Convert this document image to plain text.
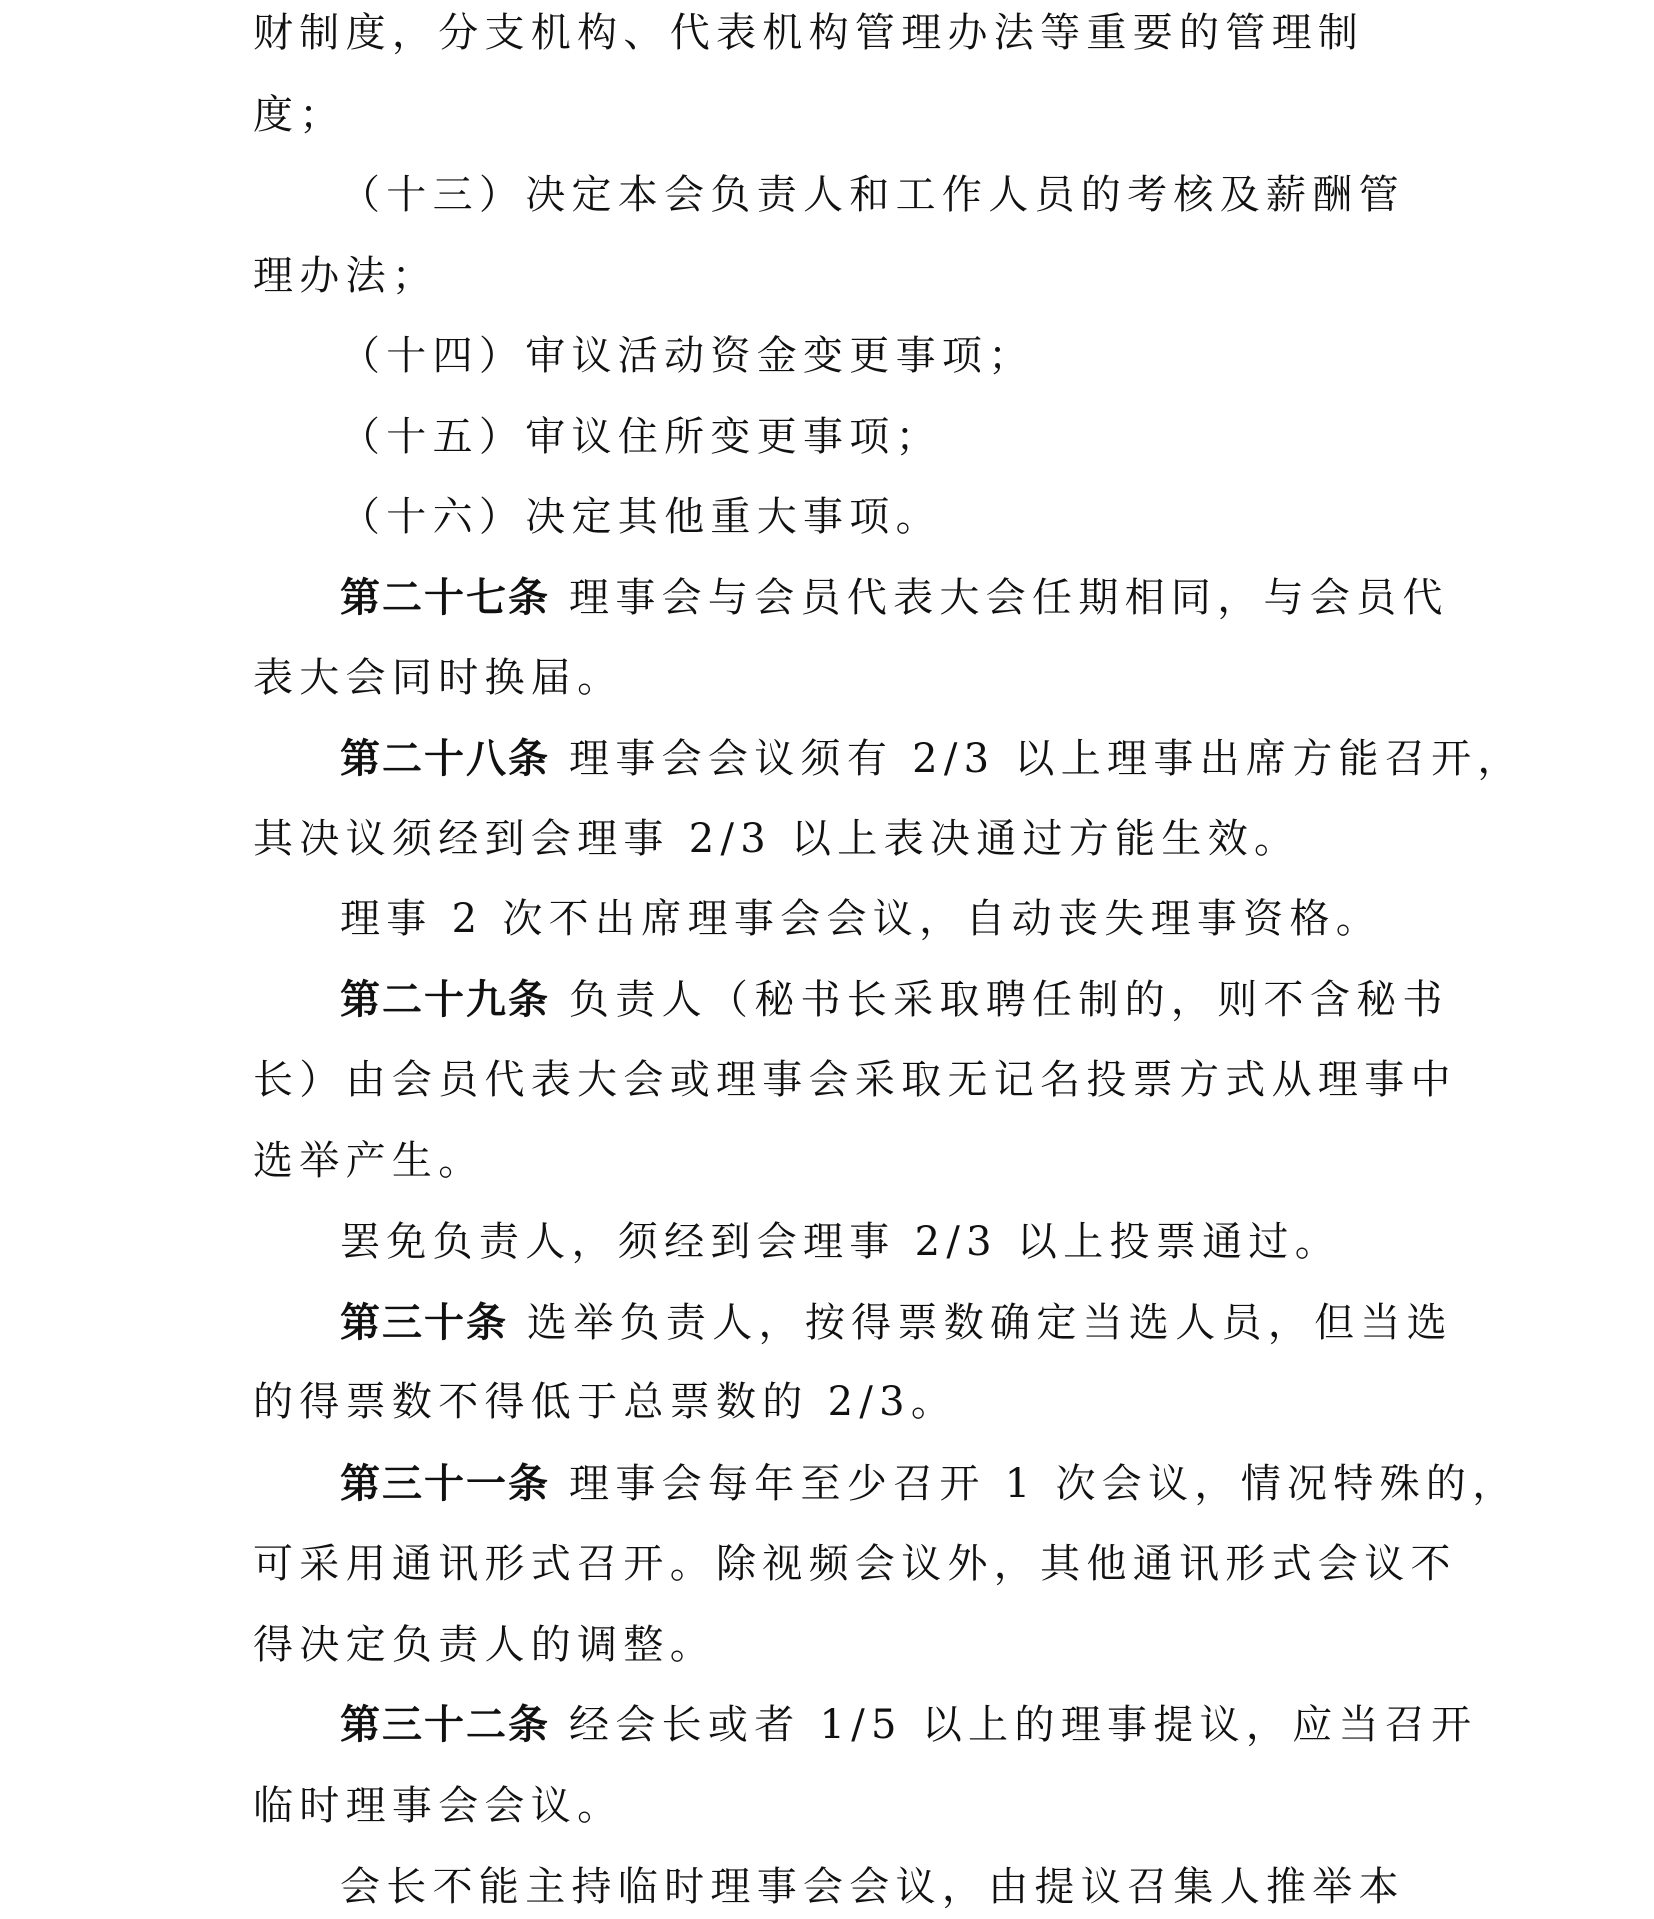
财制度，分支机构、代表机构管理办法等重要的管理制
度；
（十三）决定本会负责人和工作人员的考核及薪酬管
理办法；
（十四）审议活动资金变更事项；
（十五）审议住所变更事项；
（十六）决定其他重大事项。
第二十七条 理事会与会员代表大会任期相同，与会员代
表大会同时换届。
第二十八条 理事会会议须有 2/3 以上理事出席方能召开，
其决议须经到会理事 2/3 以上表决通过方能生效。
理事 2 次不出席理事会会议，自动丧失理事资格。
第二十九条 负责人（秘书长采取聘任制的，则不含秘书
长）由会员代表大会或理事会采取无记名投票方式从理事中
选举产生。
罢免负责人，须经到会理事 2/3 以上投票通过。
第三十条 选举负责人，按得票数确定当选人员，但当选
的得票数不得低于总票数的 2/3。
第三十一条 理事会每年至少召开 1 次会议，情况特殊的，
可采用通讯形式召开。除视频会议外，其他通讯形式会议不
得决定负责人的调整。
第三十二条 经会长或者 1/5 以上的理事提议，应当召开
临时理事会会议。
会长不能主持临时理事会会议，由提议召集人推举本
